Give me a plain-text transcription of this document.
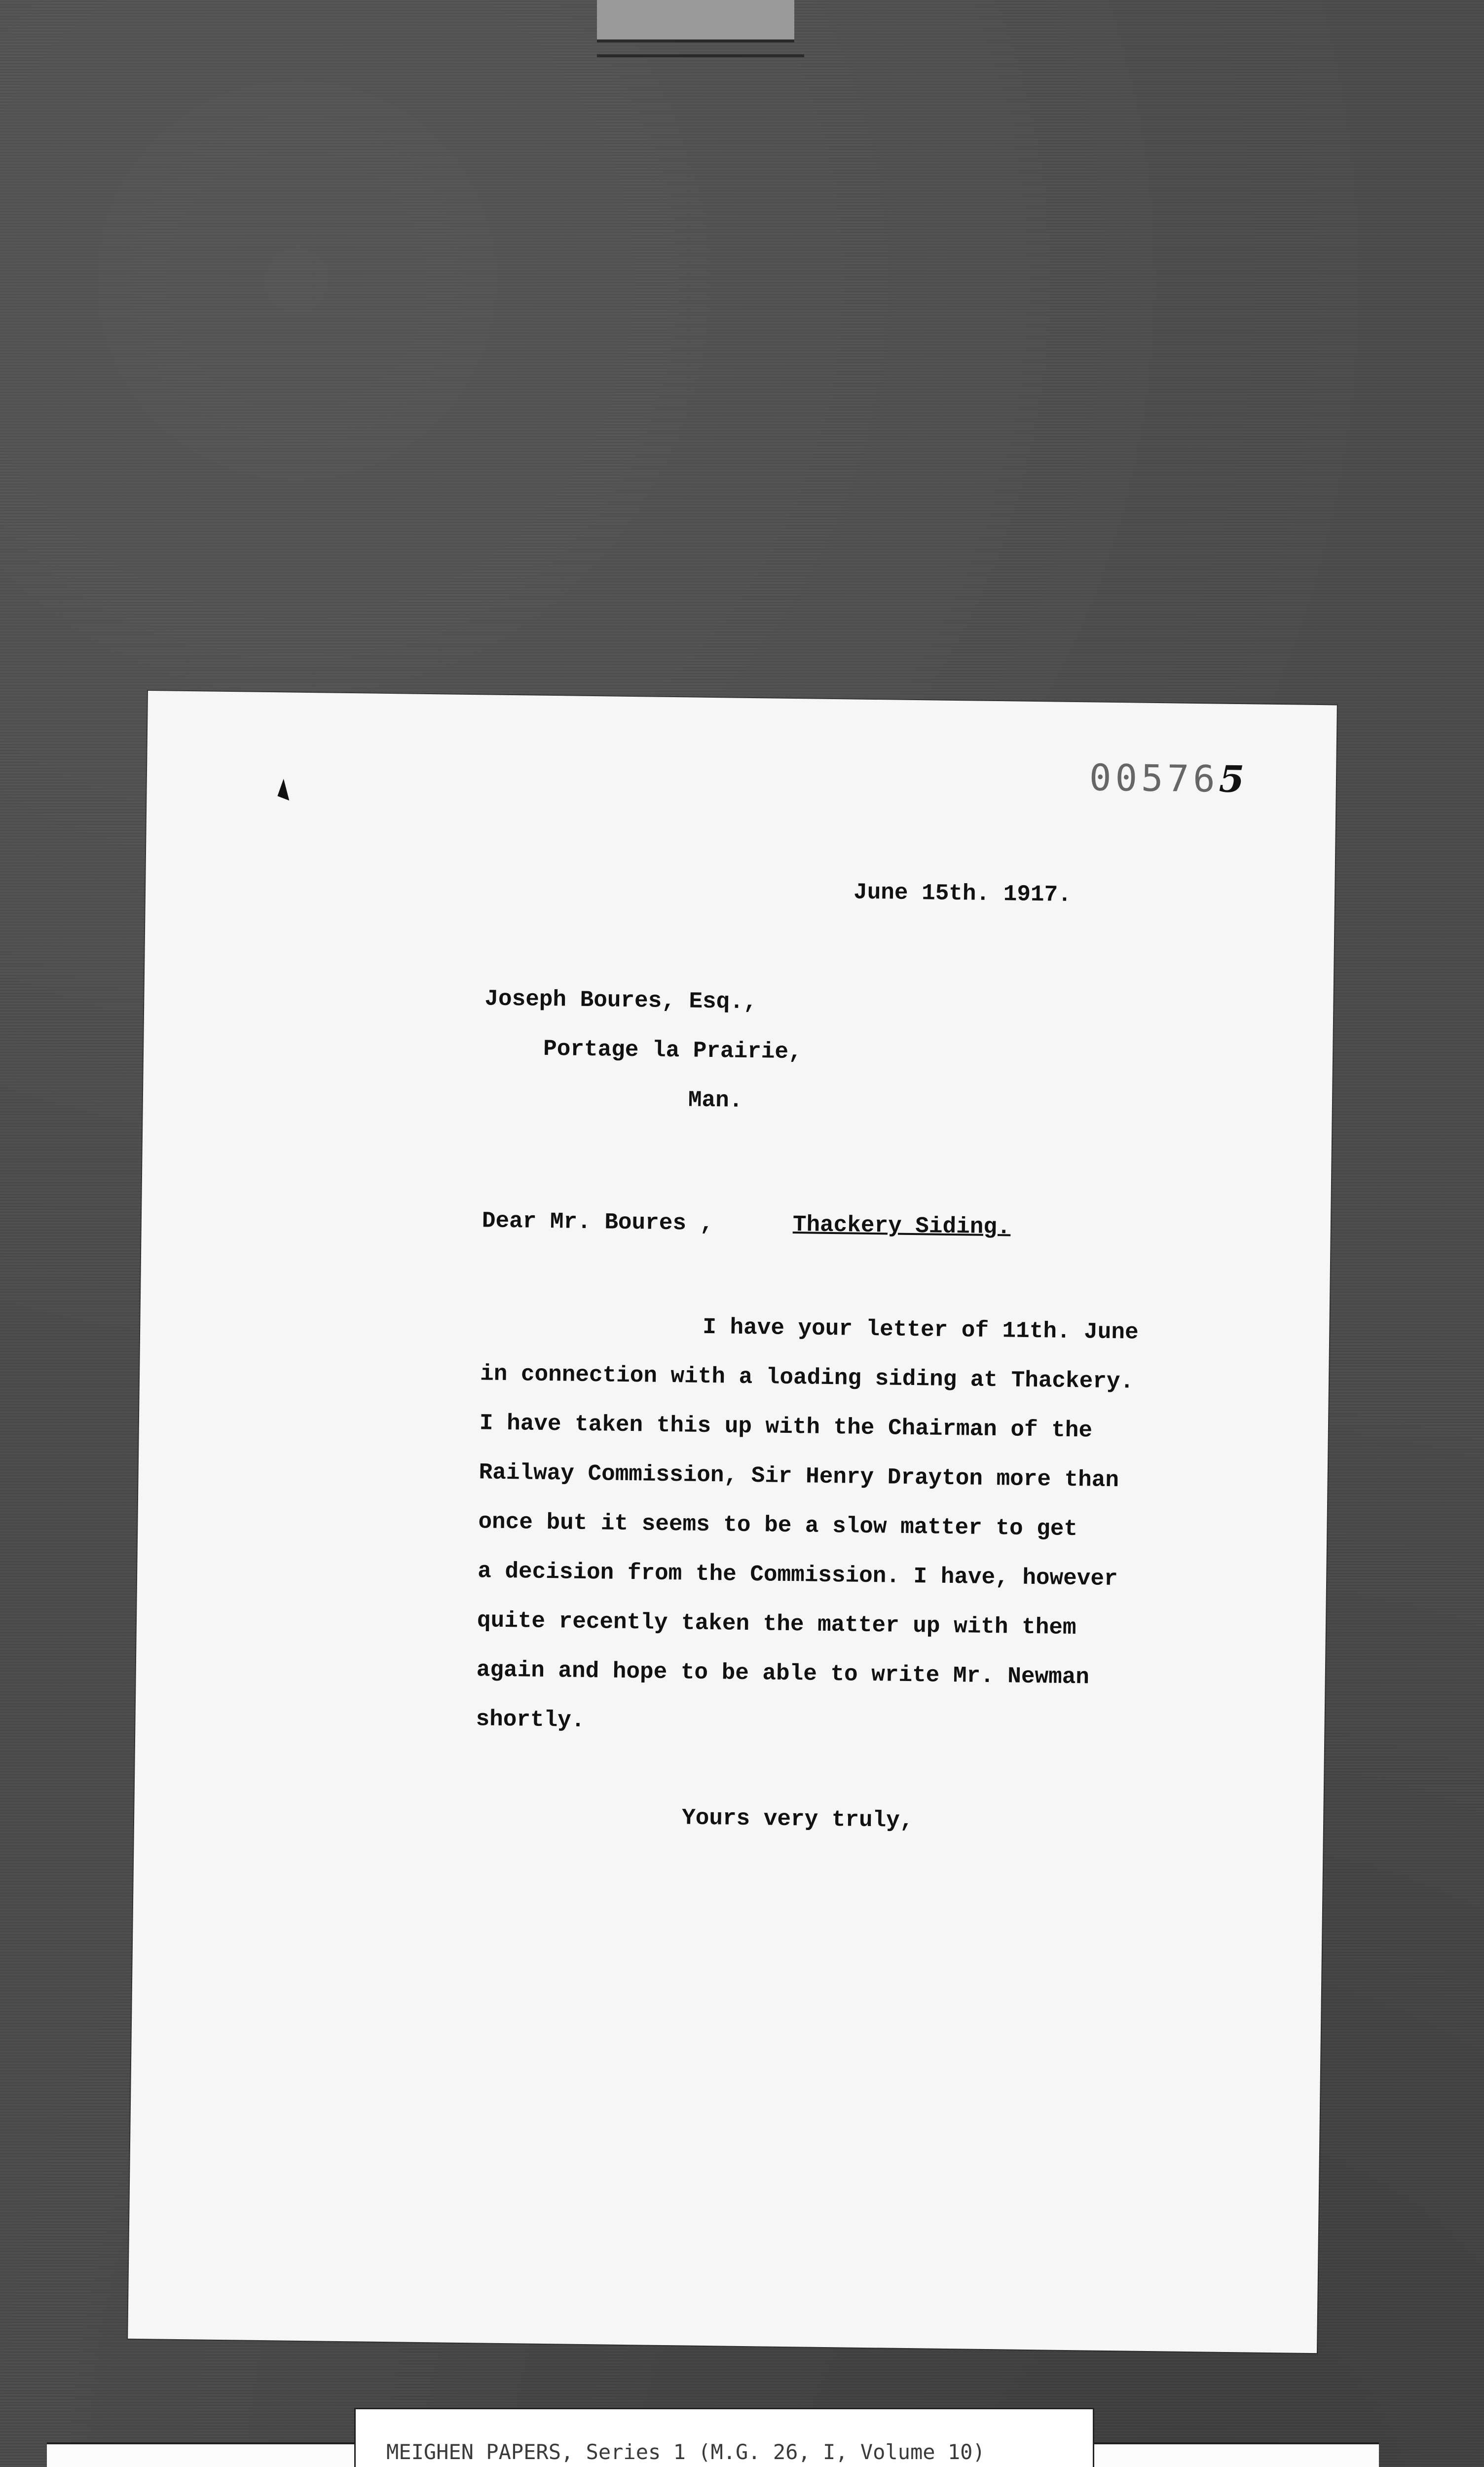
005765
June 15th. 1917.
Joseph Boures, Esq.,
Portage la Prairie,
Man.
Dear Mr. Boures ,	Thackery Siding.
I have your letter of 11th. June
in connection with a loading siding at Thackery.
I have taken this up with the Chairman of the
Railway Commission, Sir Henry Drayton more than
once but it seems to be a slow matter to get
a decision from the Commission. I have, however
quite recently taken the matter up with them
again and hope to be able to write Mr. Newman
shortly.
Yours very truly,
MEIGHEN PAPERS, Series 1 (M.G. 26, I, Volume 10)
